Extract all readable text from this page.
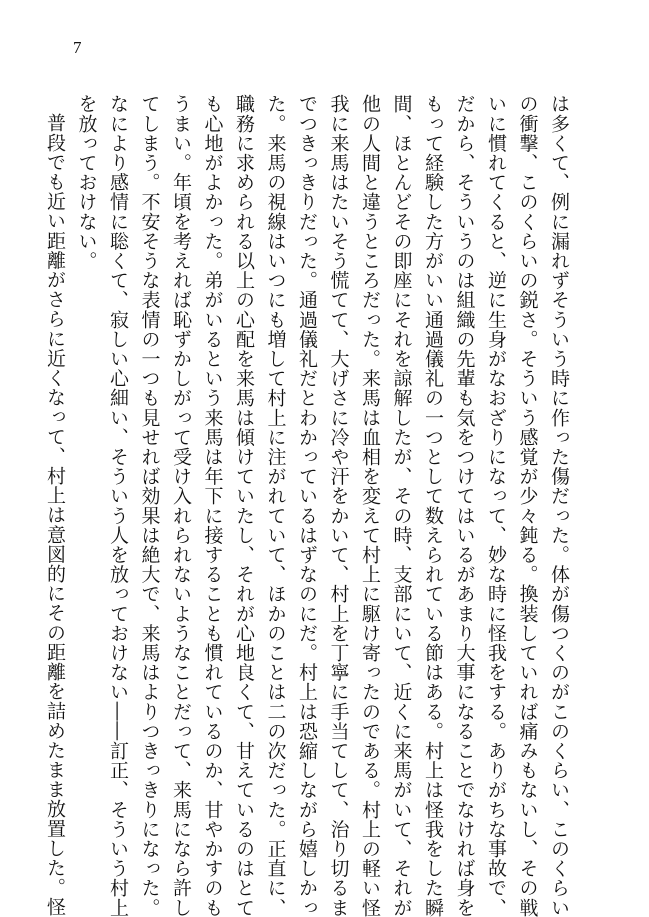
7

は多くて、例に漏れずそういう時に作った傷だった。体が傷つくのがこのくらい、このくらい
の衝撃、このくらいの鋭さ。そういう感覚が少々鈍る。換装していれば痛みもないし、その戦
いに慣れてくると、逆に生身がなおざりになって、妙な時に怪我をする。ありがちな事故で、
だから、そういうのは組織の先輩も気をつけてはいるがあまり大事になることでなければ身を
もって経験した方がいい通過儀礼の一つとして数えられている節はある。村上は怪我をした瞬
間、ほとんどその即座にそれを諒解したが、その時、支部にいて、近くに来馬がいて、それが
他の人間と違うところだった。来馬は血相を変えて村上に駆け寄ったのである。村上の軽い怪
我に来馬はたいそう慌てて、大げさに冷や汗をかいて、村上を丁寧に手当てして、治り切るま
でつきっきりだった。通過儀礼だとわかっているはずなのにだ。村上は恐縮しながら嬉しかっ
た。来馬の視線はいつにも増して村上に注がれていて、ほかのことは二の次だった。正直に、
職務に求められる以上の心配を来馬は傾けていたし、それが心地良くて、甘えているのはとて
も心地がよかった。弟がいるという来馬は年下に接することも慣れているのか、甘やかすのも
うまい。年頃を考えれば恥ずかしがって受け入れられないようなことだって、来馬になら許し
てしまう。不安そうな表情の一つも見せれば効果は絶大で、来馬はよりつきっきりになった。
なにより感情に聡くて、寂しい心細い、そういう人を放っておけない――訂正、そういう村上
を放っておけない。

普段でも近い距離がさらに近くなって、村上は意図的にその距離を詰めたまま放置した。怪
